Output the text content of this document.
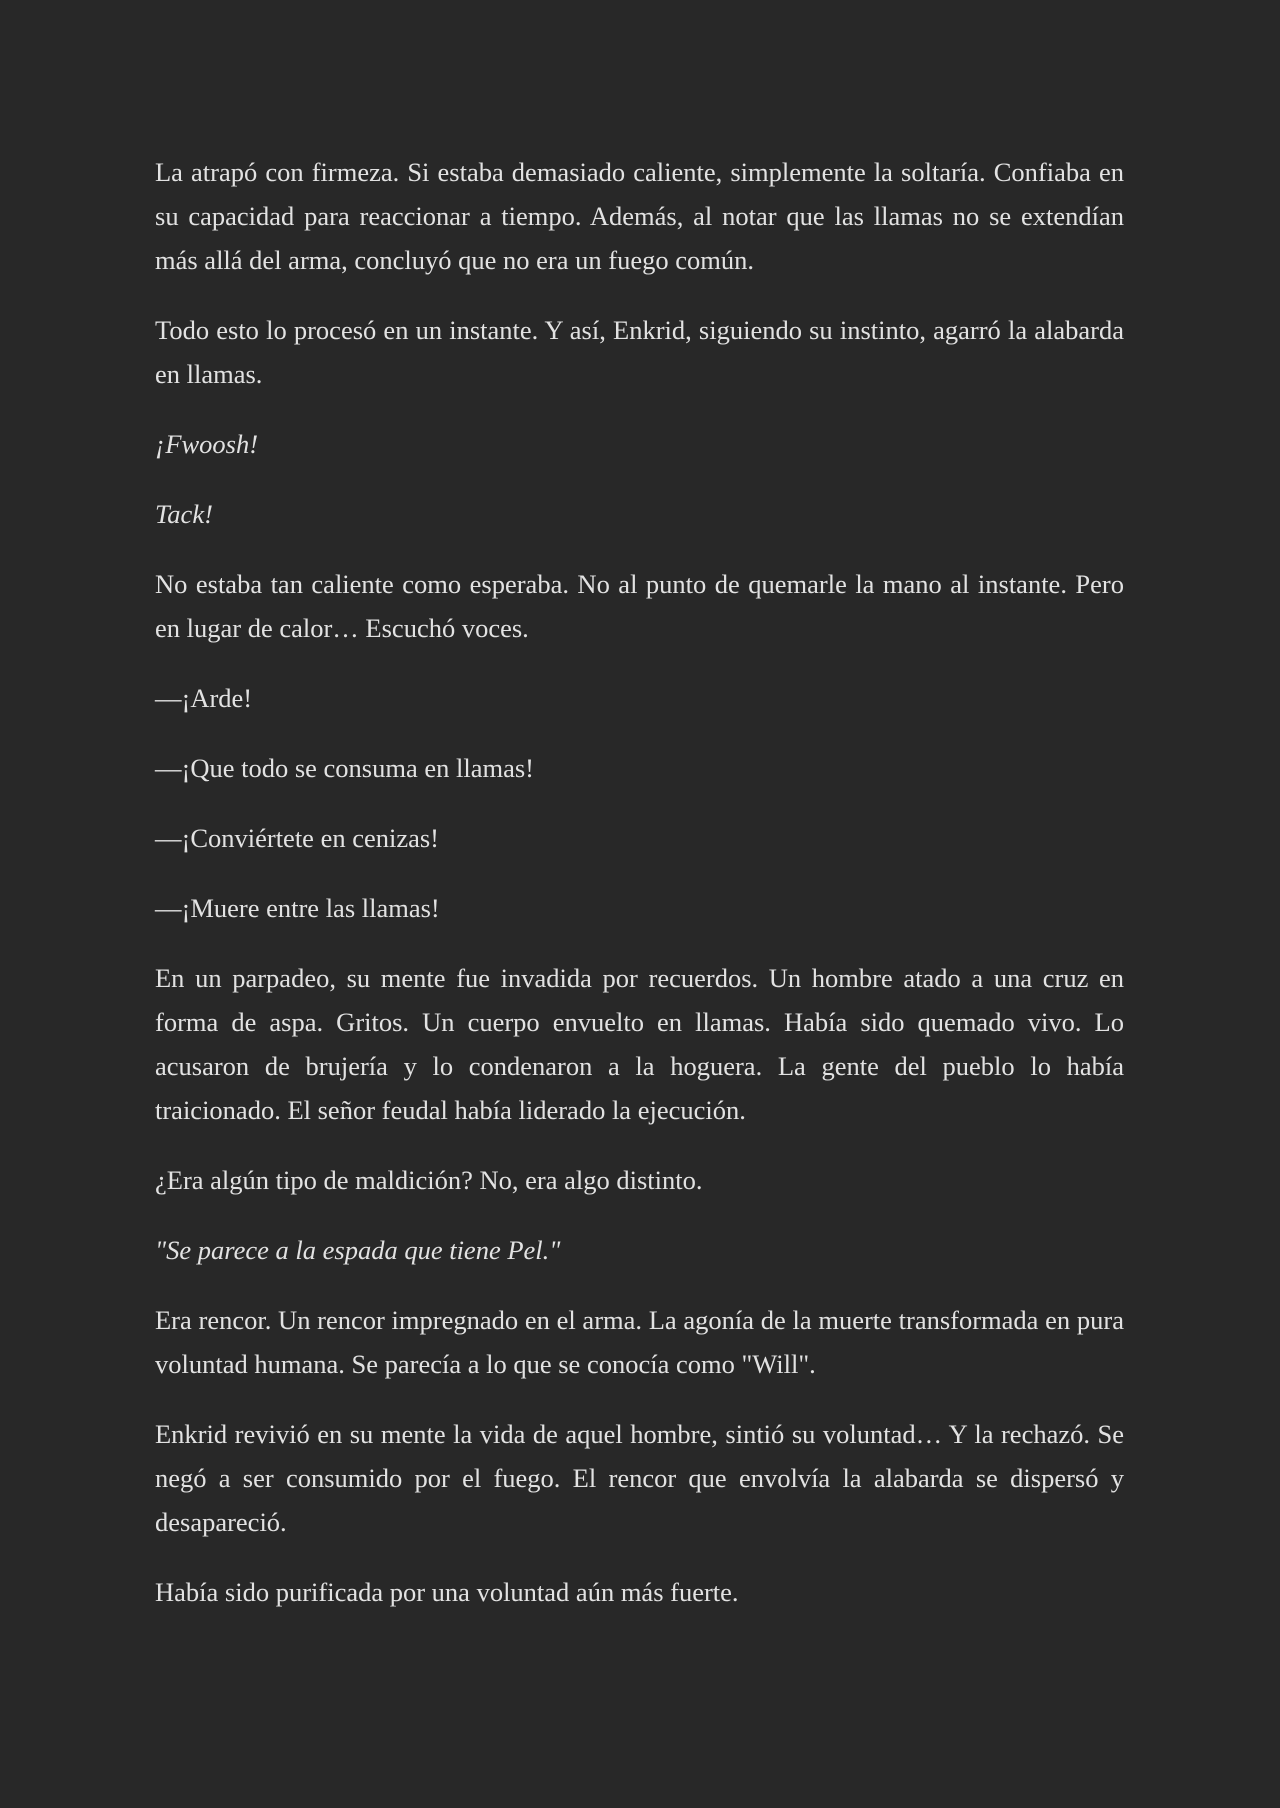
La atrapó con firmeza. Si estaba demasiado caliente, simplemente la soltaría. Confiaba en su capacidad para reaccionar a tiempo. Además, al notar que las llamas no se extendían más allá del arma, concluyó que no era un fuego común.

Todo esto lo procesó en un instante. Y así, Enkrid, siguiendo su instinto, agarró la alabarda en llamas.

¡Fwoosh!

Tack!

No estaba tan caliente como esperaba. No al punto de quemarle la mano al instante. Pero en lugar de calor… Escuchó voces.

—¡Arde!

—¡Que todo se consuma en llamas!

—¡Conviértete en cenizas!

—¡Muere entre las llamas!

En un parpadeo, su mente fue invadida por recuerdos. Un hombre atado a una cruz en forma de aspa. Gritos. Un cuerpo envuelto en llamas. Había sido quemado vivo. Lo acusaron de brujería y lo condenaron a la hoguera. La gente del pueblo lo había traicionado. El señor feudal había liderado la ejecución.

¿Era algún tipo de maldición? No, era algo distinto.

"Se parece a la espada que tiene Pel."

Era rencor. Un rencor impregnado en el arma. La agonía de la muerte transformada en pura voluntad humana. Se parecía a lo que se conocía como "Will".

Enkrid revivió en su mente la vida de aquel hombre, sintió su voluntad… Y la rechazó. Se negó a ser consumido por el fuego. El rencor que envolvía la alabarda se dispersó y desapareció.

Había sido purificada por una voluntad aún más fuerte.
